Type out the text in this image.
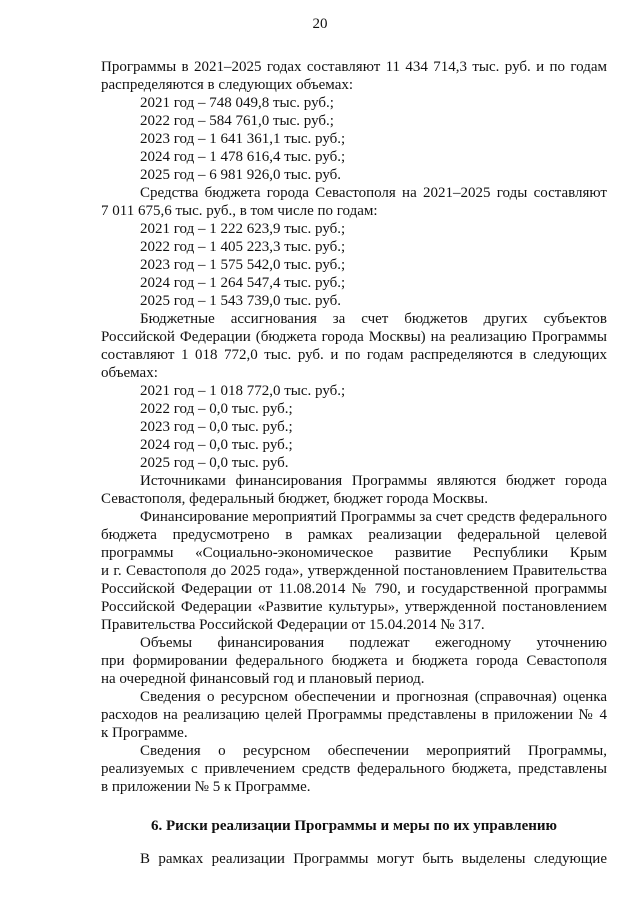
20
Программы в 2021–2025 годах составляют 11 434 714,3 тыс. руб. и по годам
распределяются в следующих объемах:
2021 год – 748 049,8 тыс. руб.;
2022 год – 584 761,0 тыс. руб.;
2023 год – 1 641 361,1 тыс. руб.;
2024 год – 1 478 616,4 тыс. руб.;
2025 год – 6 981 926,0 тыс. руб.
Средства бюджета города Севастополя на 2021–2025 годы составляют
7 011 675,6 тыс. руб., в том числе по годам:
2021 год – 1 222 623,9 тыс. руб.;
2022 год – 1 405 223,3 тыс. руб.;
2023 год – 1 575 542,0 тыс. руб.;
2024 год – 1 264 547,4 тыс. руб.;
2025 год – 1 543 739,0 тыс. руб.
Бюджетные ассигнования за счет бюджетов других субъектов
Российской Федерации (бюджета города Москвы) на реализацию Программы
составляют 1 018 772,0 тыс. руб. и по годам распределяются в следующих
объемах:
2021 год – 1 018 772,0 тыс. руб.;
2022 год – 0,0 тыс. руб.;
2023 год – 0,0 тыс. руб.;
2024 год – 0,0 тыс. руб.;
2025 год – 0,0 тыс. руб.
Источниками финансирования Программы являются бюджет города
Севастополя, федеральный бюджет, бюджет города Москвы.
Финансирование мероприятий Программы за счет средств федерального
бюджета предусмотрено в рамках реализации федеральной целевой
программы «Социально-экономическое развитие Республики Крым
и г. Севастополя до 2025 года», утвержденной постановлением Правительства
Российской Федерации от 11.08.2014 № 790, и государственной программы
Российской Федерации «Развитие культуры», утвержденной постановлением
Правительства Российской Федерации от 15.04.2014 № 317.
Объемы финансирования подлежат ежегодному уточнению
при формировании федерального бюджета и бюджета города Севастополя
на очередной финансовый год и плановый период.
Сведения о ресурсном обеспечении и прогнозная (справочная) оценка
расходов на реализацию целей Программы представлены в приложении № 4
к Программе.
Сведения о ресурсном обеспечении мероприятий Программы,
реализуемых с привлечением средств федерального бюджета, представлены
в приложении № 5 к Программе.
6. Риски реализации Программы и меры по их управлению
В рамках реализации Программы могут быть выделены следующие
